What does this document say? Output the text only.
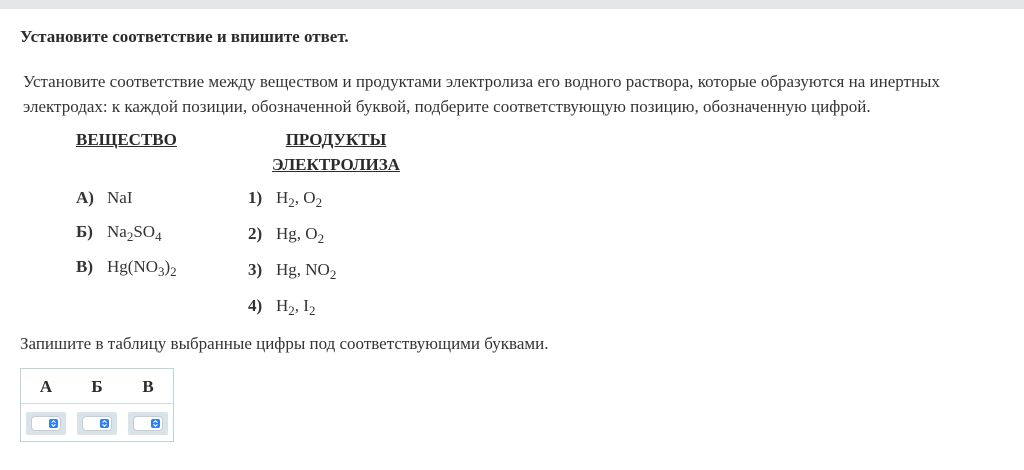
Установите соответствие и впишите ответ.
Установите соответствие между веществом и продуктами электролиза его водного раствора, которые образуются на инертных электродах: к каждой позиции, обозначенной буквой, подберите соответствующую позицию, обозначенную цифрой.
ВЕЩЕСТВО	ПРОДУКТЫ
ЭЛЕКТРОЛИЗА
А) NaI
Б) $Na_2SO_4$
В) $Hg(NO_3)_2$
1) $H_2$, $O_2$
2) Hg, $O_2$
3) Hg, $NO_2$
4) $H_2$, $I_2$
Запишите в таблицу выбранные цифры под соответствующими буквами.
А	Б	В
